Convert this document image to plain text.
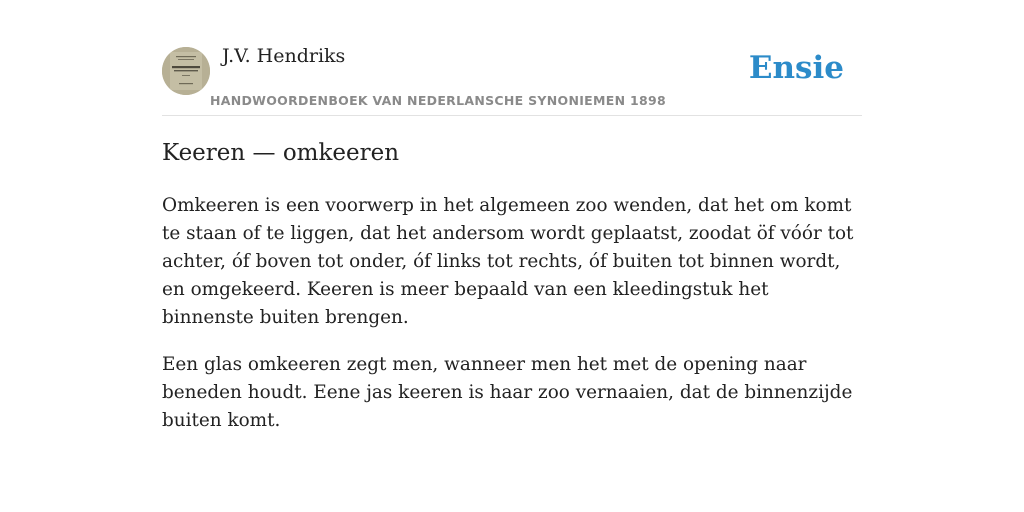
J.V. Hendriks
HANDWOORDENBOEK VAN NEDERLANSCHE SYNONIEMEN 1898
Ensie
Keeren — omkeeren

Omkeeren is een voorwerp in het algemeen zoo wenden, dat het om komt te staan of te liggen, dat het andersom wordt geplaatst, zoodat öf vóór tot achter, óf boven tot onder, óf links tot rechts, óf buiten tot binnen wordt, en omgekeerd. Keeren is meer bepaald van een kleedingstuk het binnenste buiten brengen.

Een glas omkeeren zegt men, wanneer men het met de opening naar beneden houdt. Eene jas keeren is haar zoo vernaaien, dat de binnenzijde buiten komt.
